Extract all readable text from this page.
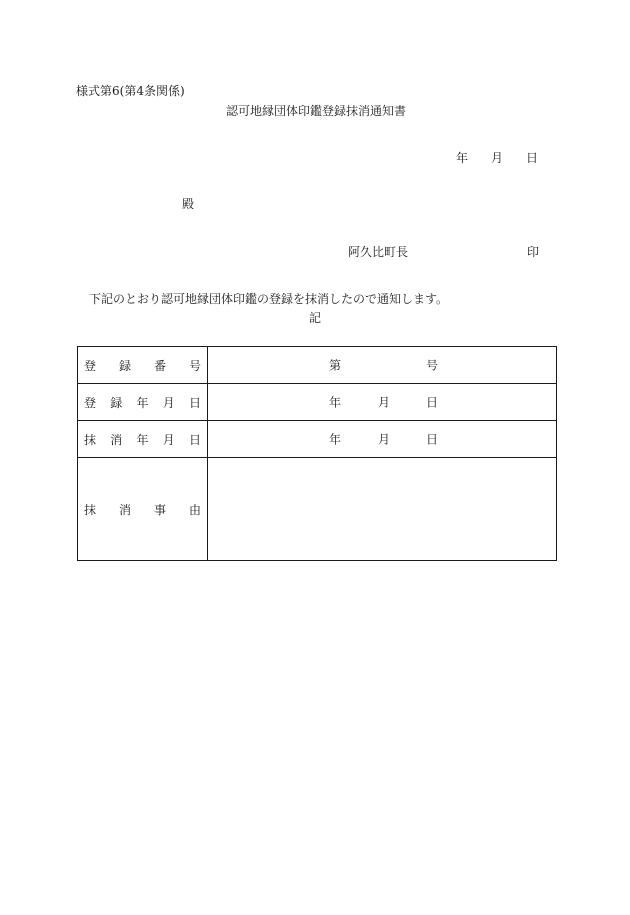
様式第6(第4条関係)
認可地縁団体印鑑登録抹消通知書
年 月 日
殿
阿久比町長	印
下記のとおり認可地縁団体印鑑の登録を抹消したので通知します。
記
登 録 番 号	第 号

登 録 年 月 日	年 月 日

抹 消 年 月 日	年 月 日

抹 消 事 由	
